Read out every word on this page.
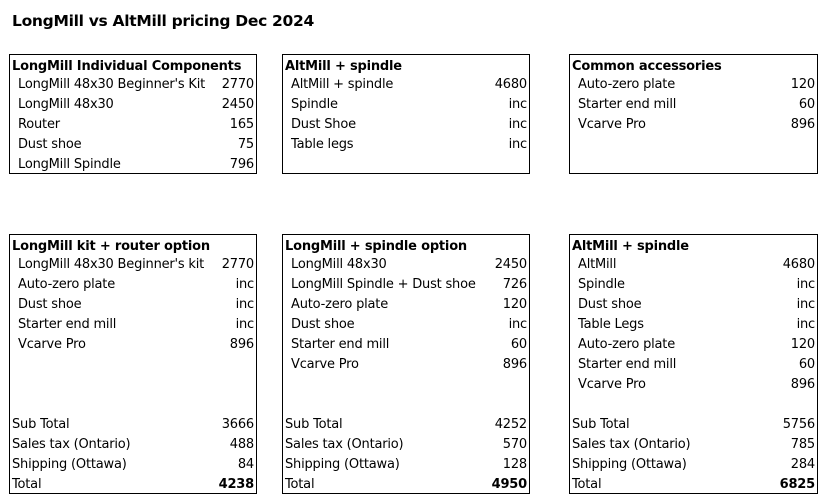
LongMill vs AltMill pricing Dec 2024
LongMill Individual Components
LongMill 48x30 Beginner's Kit 2770
LongMill 48x30	2450
Router	165
Dust shoe	75
LongMill Spindle	796
AltMill + spindle
AltMill + spindle	4680
Spindle	inc
Dust Shoe	inc
Table legs	inc
Common accessories
Auto-zero plate	120
Starter end mill	60
Vcarve Pro	896
LongMill kit + router option
LongMill 48x30 Beginner's kit 2770
Auto-zero plate	inc
Dust shoe	inc
Starter end mill	inc
Vcarve Pro	896
Sub Total	3666
Sales tax (Ontario)	488
Shipping (Ottawa)	84
Total	4238
LongMill + spindle option
LongMill 48x30	2450
LongMill Spindle + Dust shoe 726
Auto-zero plate	120
Dust shoe	inc
Starter end mill	60
Vcarve Pro	896
Sub Total	4252
Sales tax (Ontario)	570
Shipping (Ottawa)	128
Total	4950
AltMill + spindle
AltMill	4680
Spindle	inc
Dust shoe	inc
Table Legs	inc
Auto-zero plate	120
Starter end mill	60
Vcarve Pro	896
Sub Total	5756
Sales tax (Ontario)	785
Shipping (Ottawa)	284
Total	6825
